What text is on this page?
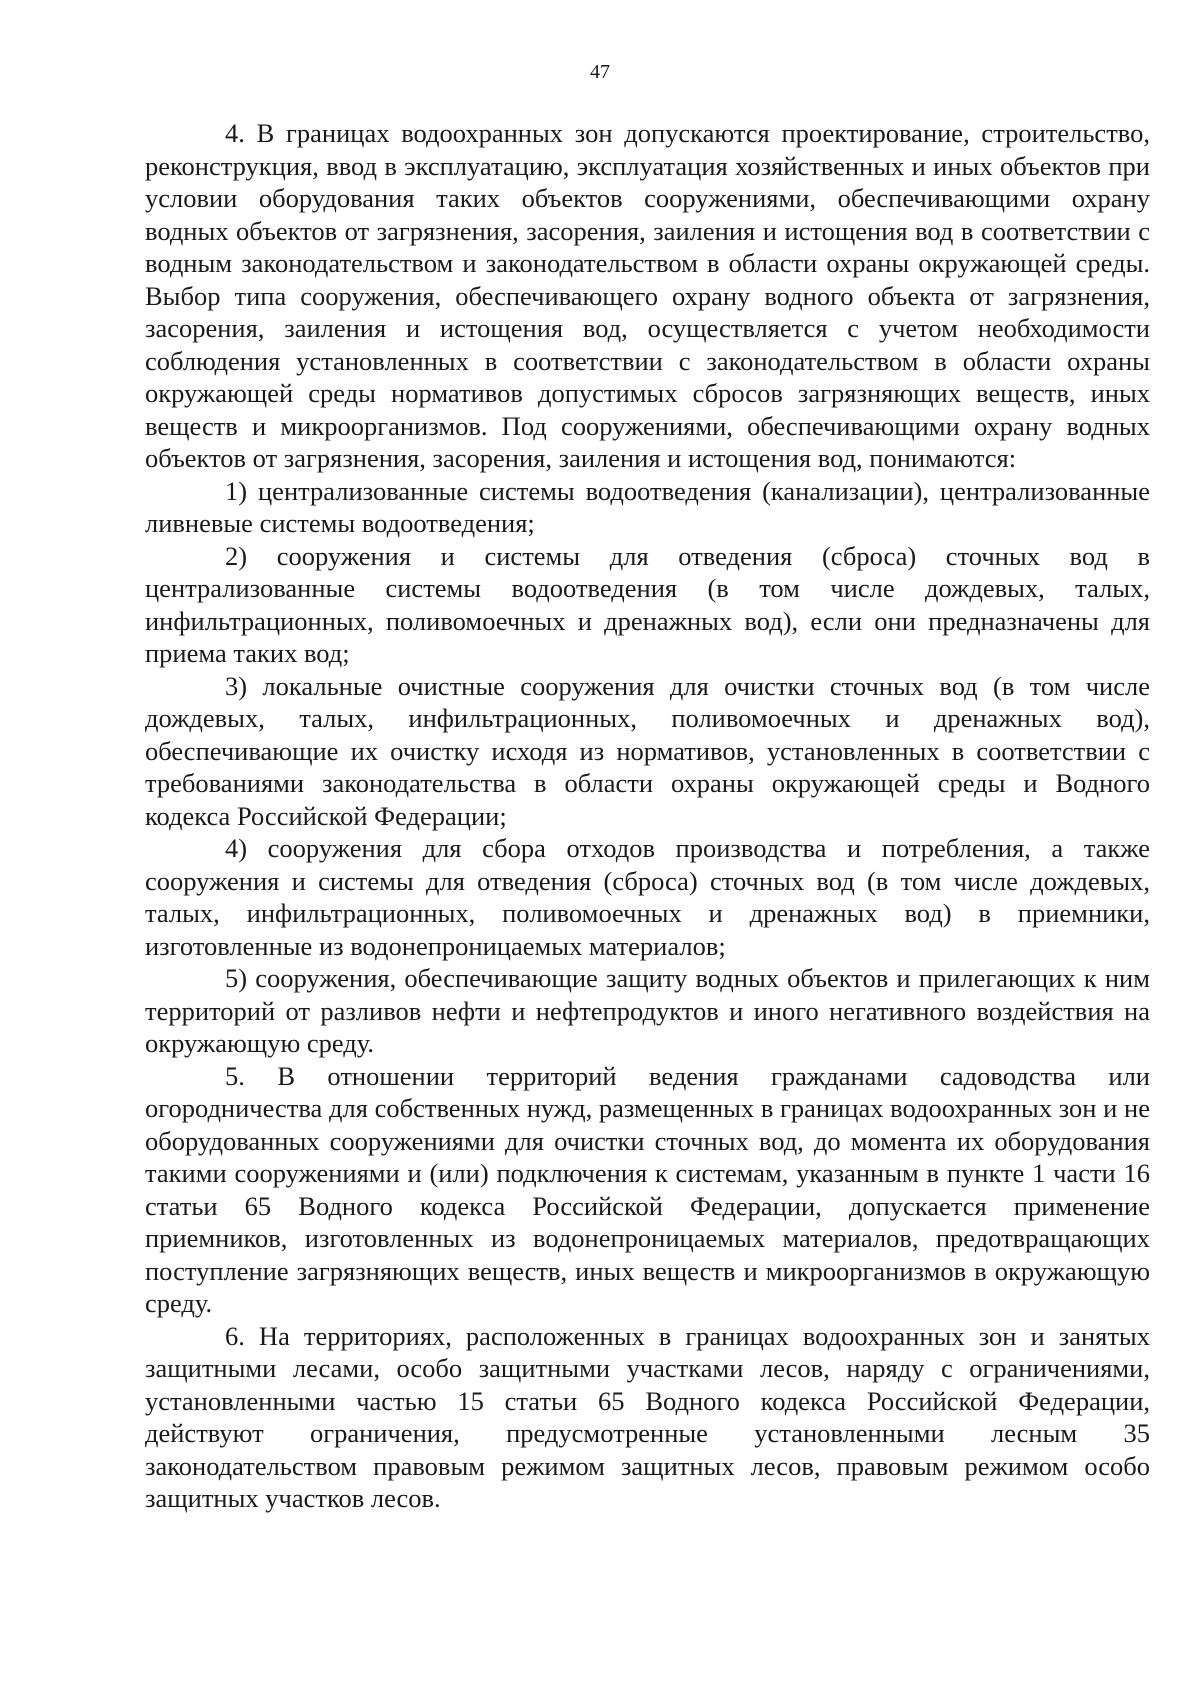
47

4. В границах водоохранных зон допускаются проектирование, строительство, реконструкция, ввод в эксплуатацию, эксплуатация хозяйственных и иных объектов при условии оборудования таких объектов сооружениями, обеспечивающими охрану водных объектов от загрязнения, засорения, заиления и истощения вод в соответствии с водным законодательством и законодательством в области охраны окружающей среды. Выбор типа сооружения, обеспечивающего охрану водного объекта от загрязнения, засорения, заиления и истощения вод, осуществляется с учетом необходимости соблюдения установленных в соответствии с законодательством в области охраны окружающей среды нормативов допустимых сбросов загрязняющих веществ, иных веществ и микроорганизмов. Под сооружениями, обеспечивающими охрану водных объектов от загрязнения, засорения, заиления и истощения вод, понимаются:

1) централизованные системы водоотведения (канализации), централизованные ливневые системы водоотведения;

2) сооружения и системы для отведения (сброса) сточных вод в централизованные системы водоотведения (в том числе дождевых, талых, инфильтрационных, поливомоечных и дренажных вод), если они предназначены для приема таких вод;

3) локальные очистные сооружения для очистки сточных вод (в том числе дождевых, талых, инфильтрационных, поливомоечных и дренажных вод), обеспечивающие их очистку исходя из нормативов, установленных в соответствии с требованиями законодательства в области охраны окружающей среды и Водного кодекса Российской Федерации;

4) сооружения для сбора отходов производства и потребления, а также сооружения и системы для отведения (сброса) сточных вод (в том числе дождевых, талых, инфильтрационных, поливомоечных и дренажных вод) в приемники, изготовленные из водонепроницаемых материалов;

5) сооружения, обеспечивающие защиту водных объектов и прилегающих к ним территорий от разливов нефти и нефтепродуктов и иного негативного воздействия на окружающую среду.

5. В отношении территорий ведения гражданами садоводства или огородничества для собственных нужд, размещенных в границах водоохранных зон и не оборудованных сооружениями для очистки сточных вод, до момента их оборудования такими сооружениями и (или) подключения к системам, указанным в пункте 1 части 16 статьи 65 Водного кодекса Российской Федерации, допускается применение приемников, изготовленных из водонепроницаемых материалов, предотвращающих поступление загрязняющих веществ, иных веществ и микроорганизмов в окружающую среду.

6. На территориях, расположенных в границах водоохранных зон и занятых защитными лесами, особо защитными участками лесов, наряду с ограничениями, установленными частью 15 статьи 65 Водного кодекса Российской Федерации, действуют ограничения, предусмотренные установленными лесным 35 законодательством правовым режимом защитных лесов, правовым режимом особо защитных участков лесов.
